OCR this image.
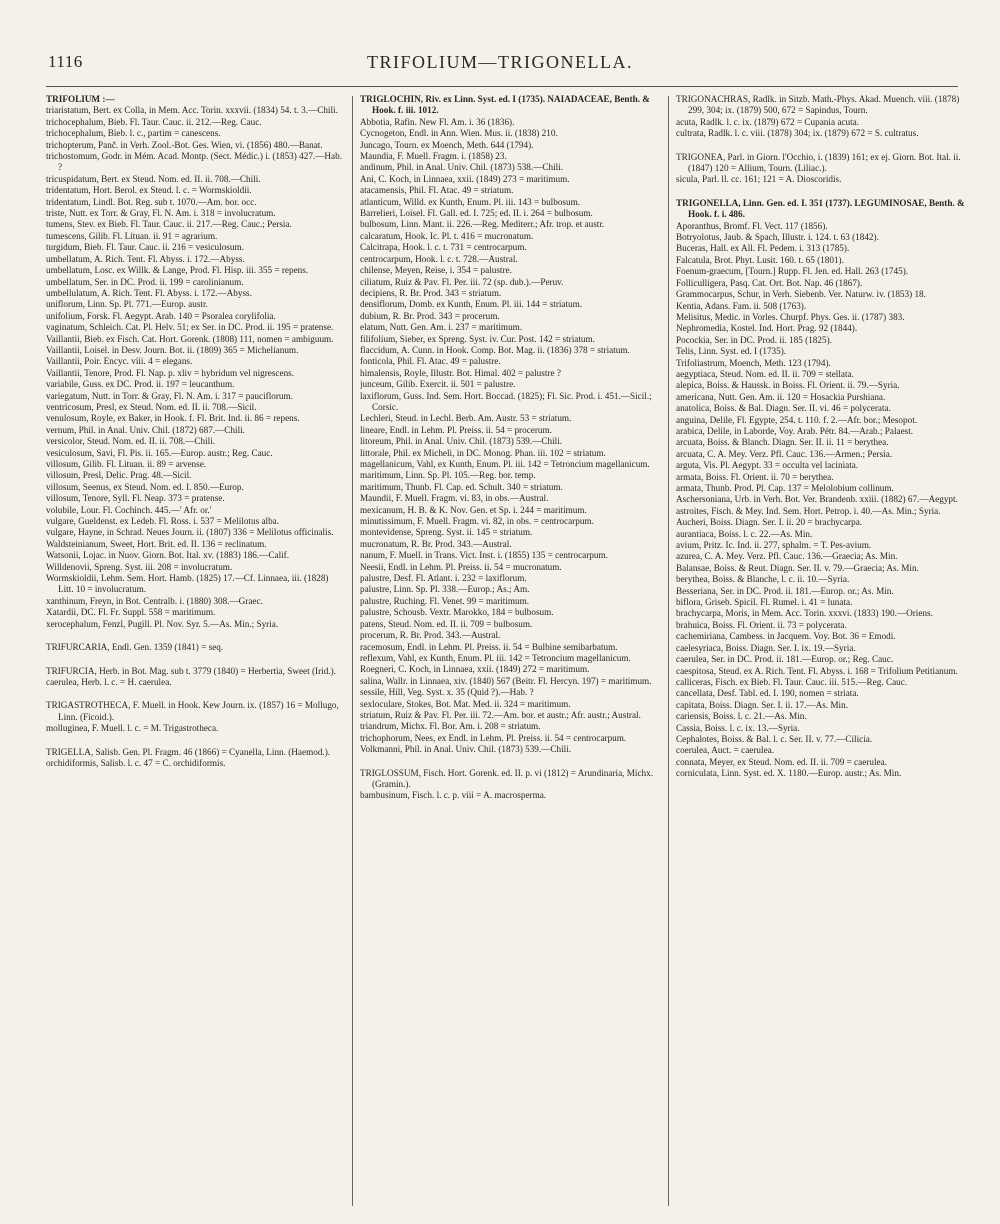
1116	TRIFOLIUM—TRIGONELLA.

TRIFOLIUM :—

triaristatum, Bert. ex Colla, in Mem. Acc. Torin. xxxvii. (1834) 54. t. 3.—Chili.

trichocephalum, Bieb. Fl. Taur. Cauc. ii. 212.—Reg. Cauc.

trichocephalum, Bieb. l. c., partim = canescens.

trichopterum, Panč. in Verh. Zool.-Bot. Ges. Wien, vi. (1856) 480.—Banat.

trichostomum, Godr. in Mém. Acad. Montp. (Sect. Médic.) i. (1853) 427.—Hab. ?

tricuspidatum, Bert. ex Steud. Nom. ed. II. ii. 708.—Chili.

tridentatum, Hort. Berol. ex Steud. l. c. = Wormskioldii.

tridentatum, Lindl. Bot. Reg. sub t. 1070.—Am. bor. occ.

triste, Nutt. ex Torr. & Gray, Fl. N. Am. i. 318 = involucratum.

tumens, Stev. ex Bieb. Fl. Taur. Cauc. ii. 217.—Reg. Cauc.; Persia.

tumescens, Gilib. Fl. Lituan. ii. 91 = agrarium.

turgidum, Bieb. Fl. Taur. Cauc. ii. 216 = vesiculosum.

umbellatum, A. Rich. Tent. Fl. Abyss. i. 172.—Abyss.

umbellatum, Losc. ex Willk. & Lange, Prod. Fl. Hisp. iii. 355 = repens.

umbellatum, Ser. in DC. Prod. ii. 199 = carolinianum.

umbellulatum, A. Rich. Tent. Fl. Abyss. i. 172.—Abyss.

uniflorum, Linn. Sp. Pl. 771.—Europ. austr.

unifolium, Forsk. Fl. Aegypt. Arab. 140 = Psoralea corylifolia.

vaginatum, Schleich. Cat. Pl. Helv. 51; ex Ser. in DC. Prod. ii. 195 = pratense.

Vaillantii, Bieb. ex Fisch. Cat. Hort. Gorenk. (1808) 111, nomen = ambiguum.

Vaillantii, Loisel. in Desv. Journ. Bot. ii. (1809) 365 = Michelianum.

Vaillantii, Poir. Encyc. viii. 4 = elegans.

Vaillantii, Tenore, Prod. Fl. Nap. p. xliv = hybridum vel nigrescens.

variabile, Guss. ex DC. Prod. ii. 197 = leucanthum.

variegatum, Nutt. in Torr. & Gray, Fl. N. Am. i. 317 = pauciflorum.

ventricosum, Presl, ex Steud. Nom. ed. II. ii. 708.—Sicil.

venulosum, Royle, ex Baker, in Hook. f. Fl. Brit. Ind. ii. 86 = repens.

vernum, Phil. in Anal. Univ. Chil. (1872) 687.—Chili.

versicolor, Steud. Nom. ed. II. ii. 708.—Chili.

vesiculosum, Savi, Fl. Pis. ii. 165.—Europ. austr.; Reg. Cauc.

villosum, Gilib. Fl. Lituan. ii. 89 = arvense.

villosum, Presl, Delic. Prag. 48.—Sicil.

villosum, Seenus, ex Steud. Nom. ed. I. 850.—Europ.

villosum, Tenore, Syll. Fl. Neap. 373 = pratense.

volubile, Lour. Fl. Cochinch. 445.—' Afr. or.'

vulgare, Gueldenst. ex Ledeb. Fl. Ross. i. 537 = Melilotus alba.

vulgare, Hayne, in Schrad. Neues Journ. ii. (1807) 336 = Melilotus officinalis.

Waldsteinianum, Sweet, Hort. Brit. ed. II. 136 = reclinatum.

Watsonii, Lojac. in Nuov. Giorn. Bot. Ital. xv. (1883) 186.—Calif.

Willdenovii, Spreng. Syst. iii. 208 = involucratum.

Wormskioldii, Lehm. Sem. Hort. Hamb. (1825) 17.—Cf. Linnaea, iii. (1828) Litt. 10 = involucratum.

xanthinum, Freyn, in Bot. Centralb. i. (1880) 308.—Graec.

Xatardii, DC. Fl. Fr. Suppl. 558 = maritimum.

xerocephalum, Fenzl, Pugill. Pl. Nov. Syr. 5.—As. Min.; Syria.

TRIFURCARIA, Endl. Gen. 1359 (1841) = seq.

TRIFURCIA, Herb. in Bot. Mag. sub t. 3779 (1840) = Herbertia, Sweet (Irid.).

caerulea, Herb. l. c. = H. caerulea.

TRIGASTROTHECA, F. Muell. in Hook. Kew Journ. ix. (1857) 16 = Mollugo, Linn. (Ficoid.).

molluginea, F. Muell. l. c. = M. Trigastrotheca.

TRIGELLA, Salisb. Gen. Pl. Fragm. 46 (1866) = Cyanella, Linn. (Haemod.).

orchidiformis, Salisb. l. c. 47 = C. orchidiformis.

TRIGLOCHIN, Riv. ex Linn. Syst. ed. I (1735). NAIADACEAE, Benth. & Hook. f. iii. 1012.

Abbotia, Rafin. New Fl. Am. i. 36 (1836).

Cycnogeton, Endl. in Ann. Wien. Mus. ii. (1838) 210.

Juncago, Tourn. ex Moench, Meth. 644 (1794).

Maundia, F. Muell. Fragm. i. (1858) 23.

andinum, Phil. in Anal. Univ. Chil. (1873) 538.—Chili.

Ani, C. Koch, in Linnaea, xxii. (1849) 273 = maritimum.

atacamensis, Phil. Fl. Atac. 49 = striatum.

atlanticum, Willd. ex Kunth, Enum. Pl. iii. 143 = bulbosum.

Barrelieri, Loisel. Fl. Gall. ed. I. 725; ed. II. i. 264 = bulbosum.

bulbosum, Linn. Mant. ii. 226.—Reg. Mediterr.; Afr. trop. et austr.

calcaratum, Hook. Ic. Pl. t. 416 = mucronatum.

Calcitrapa, Hook. l. c. t. 731 = centrocarpum.

centrocarpum, Hook. l. c. t. 728.—Austral.

chilense, Meyen, Reise, i. 354 = palustre.

ciliatum, Ruiz & Pav. Fl. Per. iii. 72 (sp. dub.).—Peruv.

decipiens, R. Br. Prod. 343 = striatum.

densiflorum, Domb. ex Kunth, Enum. Pl. iii. 144 = striatum.

dubium, R. Br. Prod. 343 = procerum.

elatum, Nutt. Gen. Am. i. 237 = maritimum.

filifolium, Sieber, ex Spreng. Syst. iv. Cur. Post. 142 = striatum.

flaccidum, A. Cunn. in Hook. Comp. Bot. Mag. ii. (1836) 378 = striatum.

fonticola, Phil. Fl. Atac. 49 = palustre.

himalensis, Royle, Illustr. Bot. Himal. 402 = palustre ?

junceum, Gilib. Exercit. ii. 501 = palustre.

laxiflorum, Guss. Ind. Sem. Hort. Boccad. (1825); Fl. Sic. Prod. i. 451.—Sicil.; Corsic.

Lechleri, Steud. in Lechl. Berb. Am. Austr. 53 = striatum.

lineare, Endl. in Lehm. Pl. Preiss. ii. 54 = procerum.

litoreum, Phil. in Anal. Univ. Chil. (1873) 539.—Chili.

littorale, Phil. ex Micheli, in DC. Monog. Phan. iii. 102 = striatum.

magellanicum, Vahl, ex Kunth, Enum. Pl. iii. 142 = Tetroncium magellanicum.

maritimum, Linn. Sp. Pl. 105.—Reg. bor. temp.

maritimum, Thunb. Fl. Cap. ed. Schult. 340 = striatum.

Maundii, F. Muell. Fragm. vi. 83, in obs.—Austral.

mexicanum, H. B. & K. Nov. Gen. et Sp. i. 244 = maritimum.

minutissimum, F. Muell. Fragm. vi. 82, in obs. = centrocarpum.

montevidense, Spreng. Syst. ii. 145 = striatum.

mucronatum, R. Br. Prod. 343.—Austral.

nanum, F. Muell. in Trans. Vict. Inst. i. (1855) 135 = centrocarpum.

Neesii, Endl. in Lehm. Pl. Preiss. ii. 54 = mucronatum.

palustre, Desf. Fl. Atlant. i. 232 = laxiflorum.

palustre, Linn. Sp. Pl. 338.—Europ.; As.; Am.

palustre, Ruching. Fl. Venet. 99 = maritimum.

palustre, Schousb. Vextr. Marokko, 184 = bulbosum.

patens, Steud. Nom. ed. II. ii. 709 = bulbosum.

procerum, R. Br. Prod. 343.—Austral.

racemosum, Endl. in Lehm. Pl. Preiss. ii. 54 = Bulbine semibarbatum.

reflexum, Vahl, ex Kunth, Enum. Pl. iii. 142 = Tetroncium magellanicum.

Roegneri, C. Koch, in Linnaea, xxii. (1849) 272 = maritimum.

salina, Wallr. in Linnaea, xiv. (1840) 567 (Beitr. Fl. Hercyn. 197) = maritimum.

sessile, Hill, Veg. Syst. x. 35 (Quid ?).—Hab. ?

sexloculare, Stokes, Bot. Mat. Med. ii. 324 = maritimum.

striatum, Ruiz & Pav. Fl. Per. iii. 72.—Am. bor. et austr.; Afr. austr.; Austral.

triandrum, Michx. Fl. Bor. Am. i. 208 = striatum.

trichophorum, Nees, ex Endl. in Lehm. Pl. Preiss. ii. 54 = centrocarpum.

Volkmanni, Phil. in Anal. Univ. Chil. (1873) 539.—Chili.

TRIGLOSSUM, Fisch. Hort. Gorenk. ed. II. p. vi (1812) = Arundinaria, Michx. (Gramin.).

bambusinum, Fisch. l. c. p. viii = A. macrosperma.

TRIGONACHRAS, Radlk. in Sitzb. Math.-Phys. Akad. Muench. viii. (1878) 299, 304; ix. (1879) 500, 672 = Sapindus, Tourn.

acuta, Radlk. l. c. ix. (1879) 672 = Cupania acuta.

cultrata, Radlk. l. c. viii. (1878) 304; ix. (1879) 672 = S. cultratus.

TRIGONEA, Parl. in Giorn. l'Occhio, i. (1839) 161; ex ej. Giorn. Bot. Ital. ii. (1847) 120 = Allium, Tourn. (Liliac.).

sicula, Parl. ll. cc. 161; 121 = A. Dioscoridis.

TRIGONELLA, Linn. Gen. ed. I. 351 (1737). LEGUMINOSAE, Benth. & Hook. f. i. 486.

Aporanthus, Bromf. Fl. Vect. 117 (1856).

Botryolotus, Jaub. & Spach, Illustr. i. 124. t. 63 (1842).

Buceras, Hall. ex All. Fl. Pedem. i. 313 (1785).

Falcatula, Brot. Phyt. Lusit. 160. t. 65 (1801).

Foenum-graecum, [Tourn.] Rupp. Fl. Jen. ed. Hall. 263 (1745).

Folliculligera, Pasq. Cat. Ort. Bot. Nap. 46 (1867).

Grammocarpus, Schur, in Verh. Siebenb. Ver. Naturw. iv. (1853) 18.

Kentia, Adans. Fam. ii. 508 (1763).

Melisitus, Medic. in Vorles. Churpf. Phys. Ges. ii. (1787) 383.

Nephromedia, Kostel. Ind. Hort. Prag. 92 (1844).

Pocockia, Ser. in DC. Prod. ii. 185 (1825).

Telis, Linn. Syst. ed. I (1735).

Trifoliastrum, Moench, Meth. 123 (1794).

aegyptiaca, Steud. Nom. ed. II. ii. 709 = stellata.

alepica, Boiss. & Haussk. in Boiss. Fl. Orient. ii. 79.—Syria.

americana, Nutt. Gen. Am. ii. 120 = Hosackia Purshiana.

anatolica, Boiss. & Bal. Diagn. Ser. II. vi. 46 = polycerata.

anguina, Delile, Fl. Egypte, 254. t. 110. f. 2.—Afr. bor.; Mesopot.

arabica, Delile, in Laborde, Voy. Arab. Pétr. 84.—Arab.; Palaest.

arcuata, Boiss. & Blanch. Diagn. Ser. II. ii. 11 = berythea.

arcuata, C. A. Mey. Verz. Pfl. Cauc. 136.—Armen.; Persia.

arguta, Vis. Pl. Aegypt. 33 = occulta vel laciniata.

armata, Boiss. Fl. Orient. ii. 70 = berythea.

armata, Thunb. Prod. Pl. Cap. 137 = Melolobium collinum.

Aschersoniana, Urb. in Verh. Bot. Ver. Brandenb. xxiii. (1882) 67.—Aegypt.

astroites, Fisch. & Mey. Ind. Sem. Hort. Petrop. i. 40.—As. Min.; Syria.

Aucheri, Boiss. Diagn. Ser. I. ii. 20 = brachycarpa.

aurantiaca, Boiss. l. c. 22.—As. Min.

avium, Pritz. Ic. Ind. ii. 277, sphalm. = T. Pes-avium.

azurea, C. A. Mey. Verz. Pfl. Cauc. 136.—Graecia; As. Min.

Balansae, Boiss. & Reut. Diagn. Ser. II. v. 79.—Graecia; As. Min.

berythea, Boiss. & Blanche, l. c. ii. 10.—Syria.

Besseriana, Ser. in DC. Prod. ii. 181.—Europ. or.; As. Min.

biflora, Griseb. Spicil. Fl. Rumel. i. 41 = lunata.

brachycarpa, Moris, in Mem. Acc. Torin. xxxvi. (1833) 190.—Oriens.

brahuica, Boiss. Fl. Orient. ii. 73 = polycerata.

cachemiriana, Cambess. in Jacquem. Voy. Bot. 36 = Emodi.

caelesyriaca, Boiss. Diagn. Ser. I. ix. 19.—Syria.

caerulea, Ser. in DC. Prod. ii. 181.—Europ. or.; Reg. Cauc.

caespitosa, Steud. ex A. Rich. Tent. Fl. Abyss. i. 168 = Trifolium Petitianum.

calliceras, Fisch. ex Bieb. Fl. Taur. Cauc. iii. 515.—Reg. Cauc.

cancellata, Desf. Tabl. ed. I. 190, nomen = striata.

capitata, Boiss. Diagn. Ser. I. ii. 17.—As. Min.

cariensis, Boiss. l. c. 21.—As. Min.

Cassia, Boiss. l. c. ix. 13.—Syria.

Cephalotes, Boiss. & Bal. l. c. Ser. II. v. 77.—Cilicia.

coerulea, Auct. = caerulea.

connata, Meyer, ex Steud. Nom. ed. II. ii. 709 = caerulea.

corniculata, Linn. Syst. ed. X. 1180.—Europ. austr.; As. Min.
